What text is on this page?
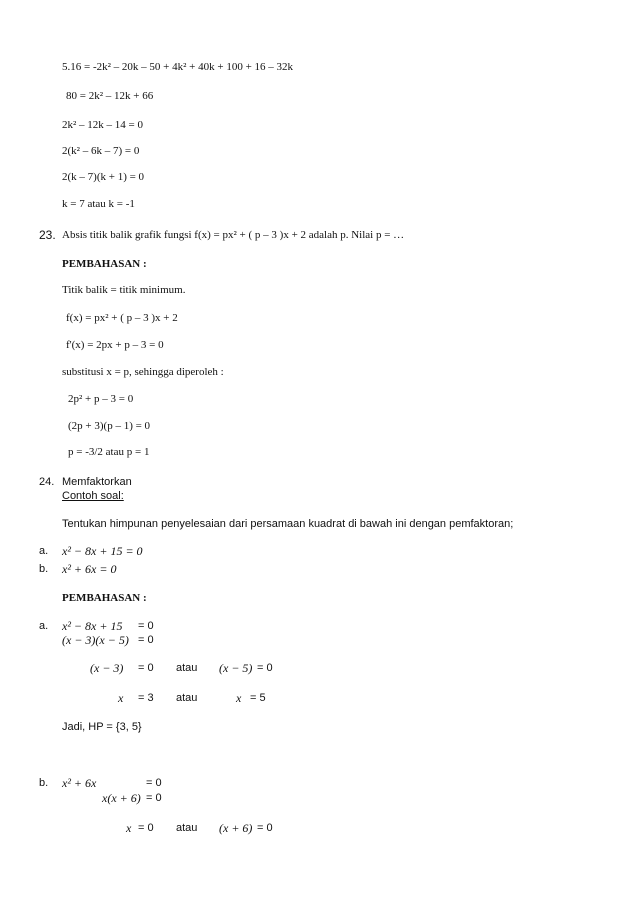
5.16 = -2k² – 20k – 50 + 4k² + 40k + 100 + 16 – 32k
80 = 2k² – 12k + 66
2k² – 12k – 14 = 0
2(k² – 6k – 7) = 0
2(k – 7)(k + 1) = 0
k = 7 atau k = -1
23. Absis titik balik grafik fungsi f(x) = px² + ( p – 3 )x + 2 adalah p. Nilai p = …
PEMBAHASAN :
Titik balik = titik minimum.
f(x) = px² + ( p – 3 )x + 2
f'(x) = 2px + p – 3 = 0
substitusi x = p, sehingga diperoleh :
2p² + p – 3 = 0
(2p + 3)(p – 1) = 0
p = -3/2 atau p = 1
24. Memfaktorkan
Contoh soal:
Tentukan himpunan penyelesaian dari persamaan kuadrat di bawah ini dengan pemfaktoran;
a. x² − 8x + 15 = 0
b. x² + 6x = 0
PEMBAHASAN :
a. x² − 8x + 15 = 0
(x − 3)(x − 5) = 0
(x − 3) = 0 atau (x − 5) = 0
x = 3 atau	x = 5
Jadi, HP = {3, 5}
b. x² + 6x	= 0
x(x + 6) = 0
x = 0 atau (x + 6) = 0
